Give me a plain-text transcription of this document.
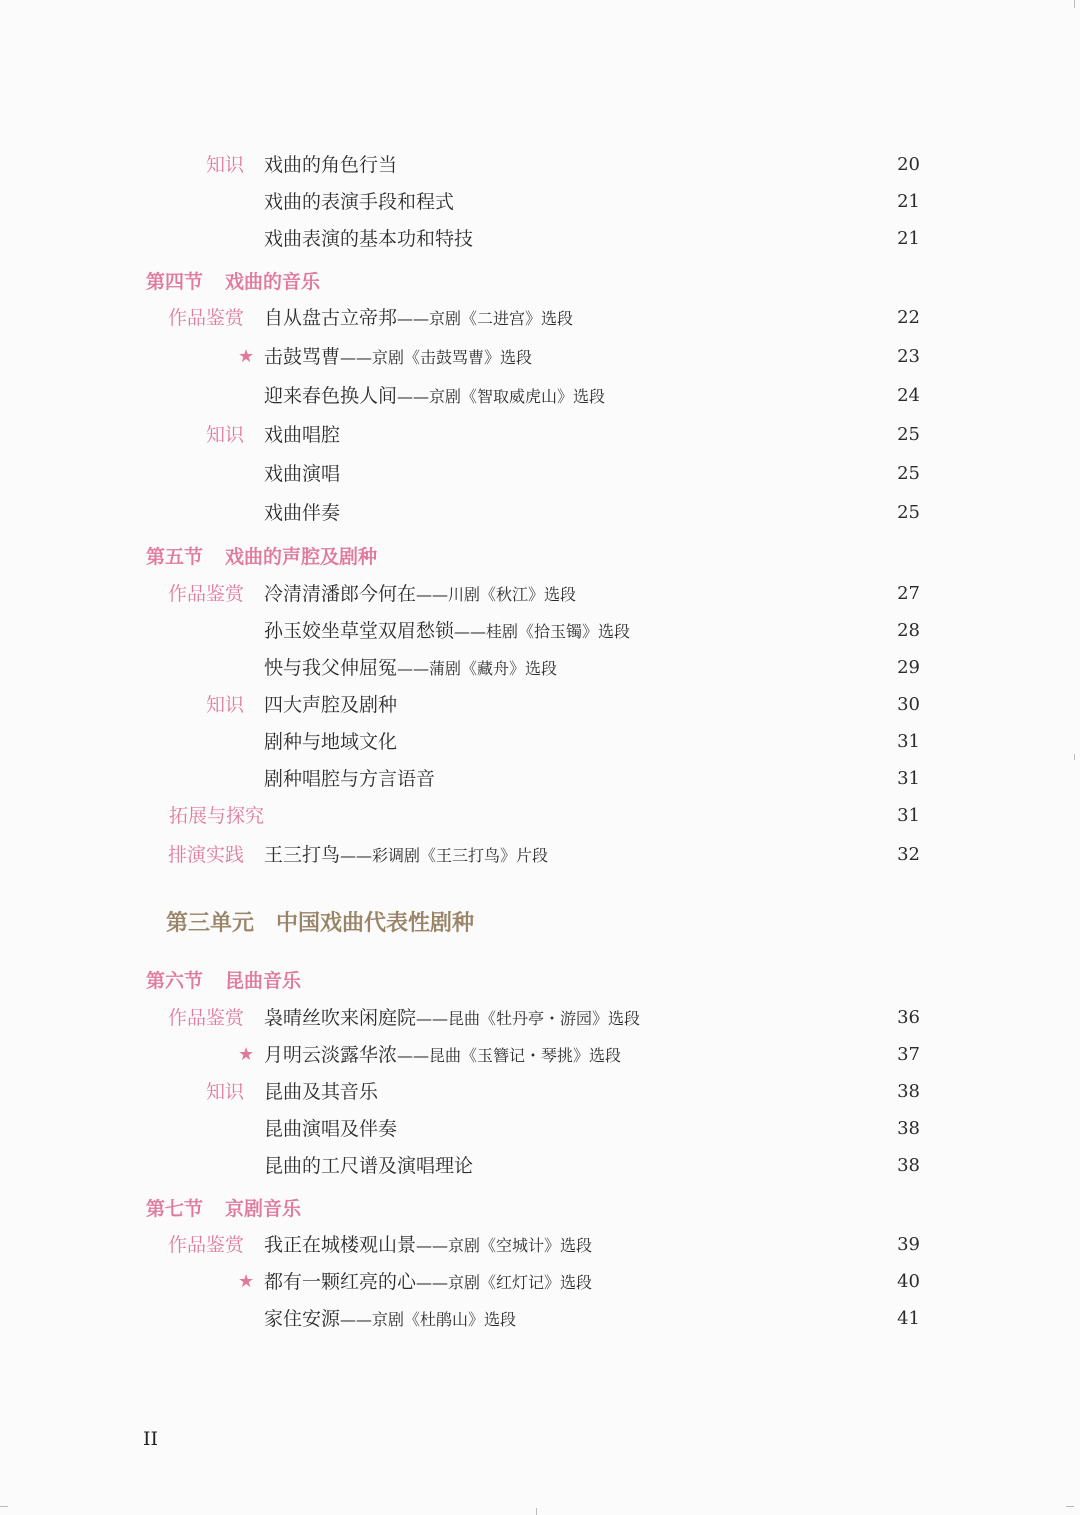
第四节 戏曲的音乐
第五节 戏曲的声腔及剧种
第三单元 中国戏曲代表性剧种
第六节 昆曲音乐
第七节 京剧音乐
知识 戏曲的角色行当	20
戏曲的表演手段和程式	21
戏曲表演的基本功和特技	21
作品鉴赏 自从盘古立帝邦——京剧《二进宫》选段	22
★ 击鼓骂曹——京剧《击鼓骂曹》选段	23
迎来春色换人间——京剧《智取威虎山》选段	24
知识 戏曲唱腔	25
戏曲演唱	25
戏曲伴奏	25
作品鉴赏 冷清清潘郎今何在——川剧《秋江》选段	27
孙玉姣坐草堂双眉愁锁——桂剧《拾玉镯》选段	28
怏与我父伸屈冤——蒲剧《藏舟》选段	29
知识 四大声腔及剧种	30
剧种与地域文化	31
剧种唱腔与方言语音	31
拓展与探究	31
排演实践 王三打鸟——彩调剧《王三打鸟》片段	32
作品鉴赏 袅晴丝吹来闲庭院——昆曲《牡丹亭・游园》选段	36
★ 月明云淡露华浓——昆曲《玉簪记・琴挑》选段	37
知识 昆曲及其音乐	38
昆曲演唱及伴奏	38
昆曲的工尺谱及演唱理论	38
作品鉴赏 我正在城楼观山景——京剧《空城计》选段	39
★ 都有一颗红亮的心——京剧《红灯记》选段	40
家住安源——京剧《杜鹃山》选段	41
II
